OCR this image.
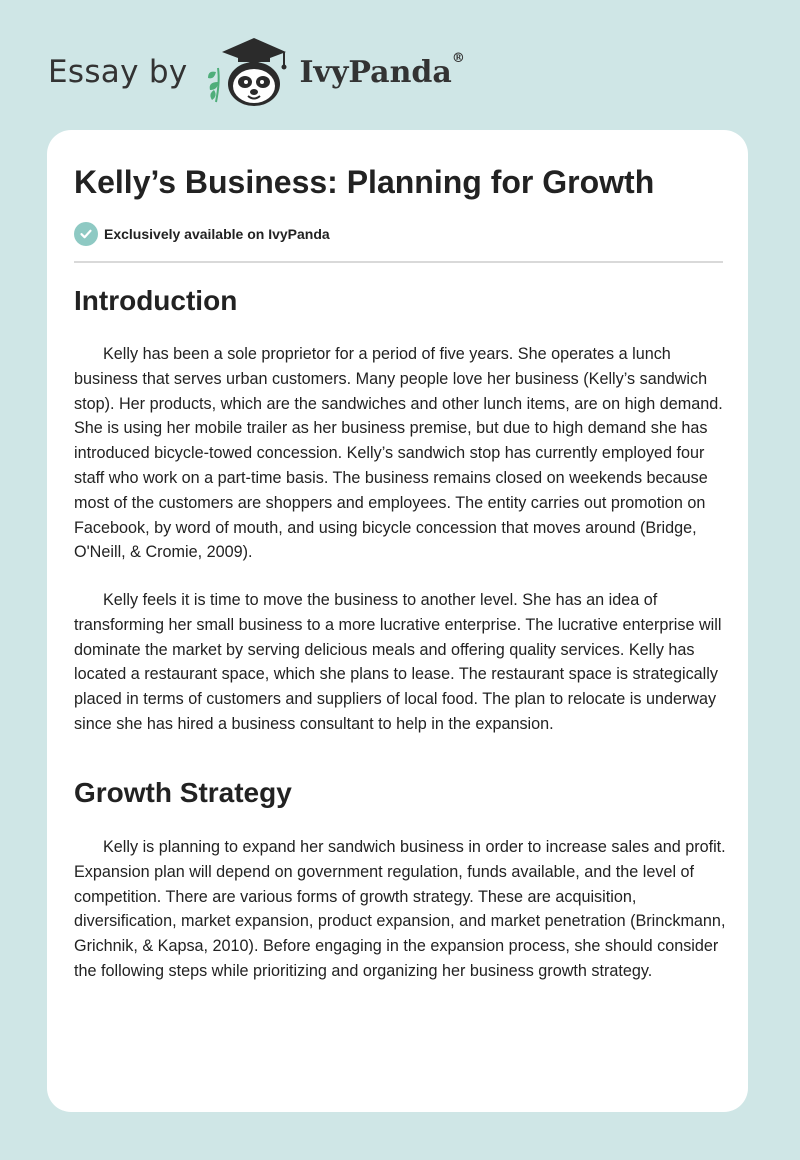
Essay by	IvyPanda®
Kelly’s Business: Planning for Growth
Exclusively available on IvyPanda
Introduction

Kelly has been a sole proprietor for a period of five years. She operates a lunch business that serves urban customers. Many people love her business (Kelly’s sandwich stop). Her products, which are the sandwiches and other lunch items, are on high demand. She is using her mobile trailer as her business premise, but due to high demand she has introduced bicycle-towed concession. Kelly’s sandwich stop has currently employed four staff who work on a part-time basis. The business remains closed on weekends because most of the customers are shoppers and employees. The entity carries out promotion on Facebook, by word of mouth, and using bicycle concession that moves around (Bridge, O'Neill, & Cromie, 2009).

Kelly feels it is time to move the business to another level. She has an idea of transforming her small business to a more lucrative enterprise. The lucrative enterprise will dominate the market by serving delicious meals and offering quality services. Kelly has located a restaurant space, which she plans to lease. The restaurant space is strategically placed in terms of customers and suppliers of local food. The plan to relocate is underway since she has hired a business consultant to help in the expansion.

Growth Strategy

Kelly is planning to expand her sandwich business in order to increase sales and profit. Expansion plan will depend on government regulation, funds available, and the level of competition. There are various forms of growth strategy. These are acquisition, diversification, market expansion, product expansion, and market penetration (Brinckmann, Grichnik, & Kapsa, 2010). Before engaging in the expansion process, she should consider the following steps while prioritizing and organizing her business growth strategy.
